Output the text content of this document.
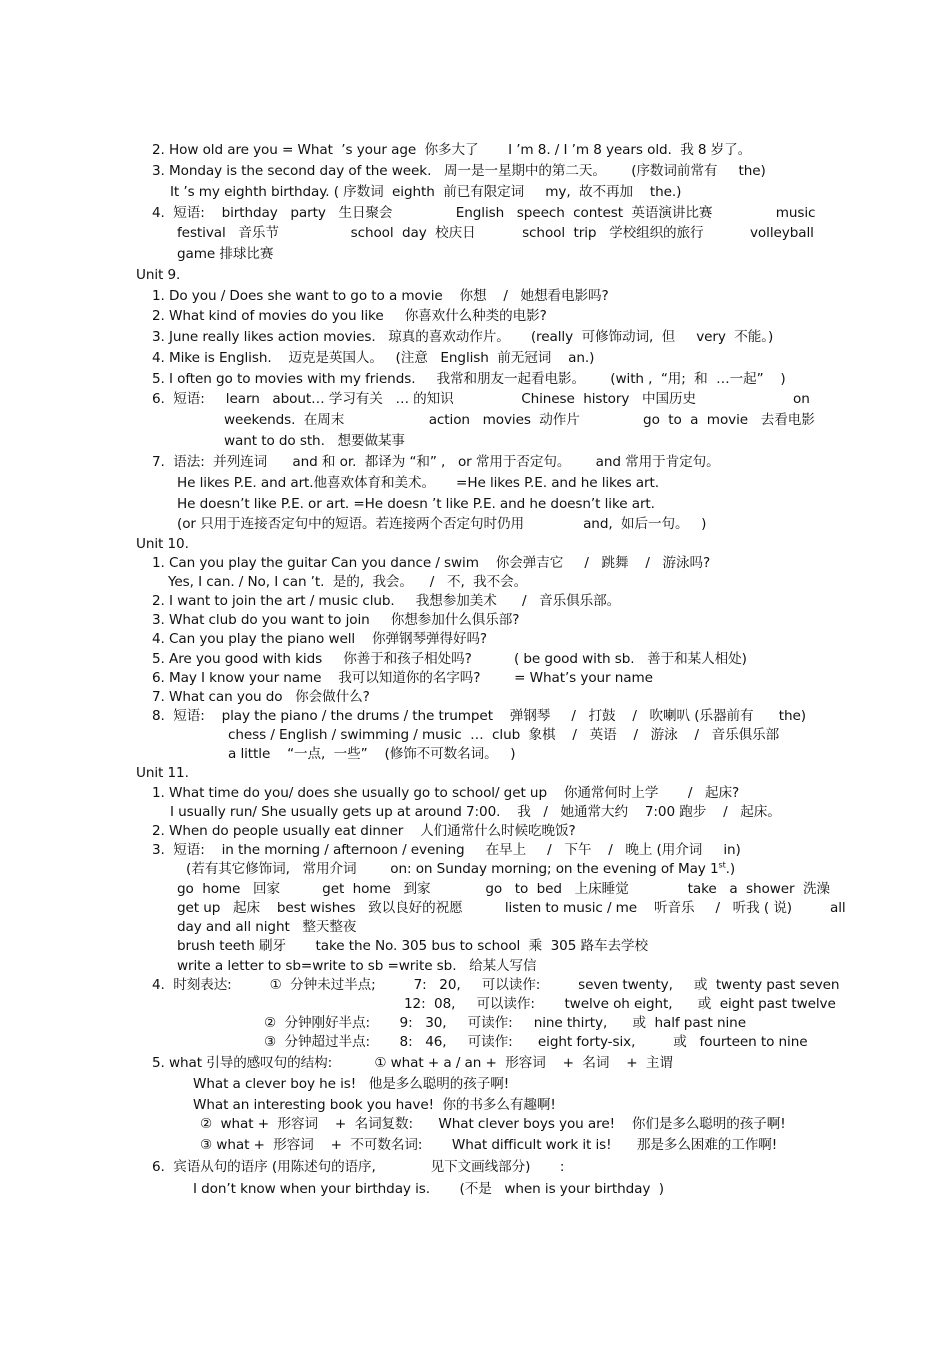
2. How old are you = What  ’s your age  你多大了       I ’m 8. / I ’m 8 years old.  我 8 岁了。
3. Monday is the second day of the week.   周一是一星期中的第二天。      (序数词前常有     the)
It ’s my eighth birthday. ( 序数词  eighth  前已有限定词     my,  故不再加    the.)
4.  短语:    birthday   party   生日聚会               English   speech  contest  英语演讲比赛               music
festival   音乐节                 school  day  校庆日           school  trip   学校组织的旅行           volleyball
game 排球比赛
Unit 9.
1. Do you / Does she want to go to a movie    你想    /   她想看电影吗?
2. What kind of movies do you like     你喜欢什么种类的电影?
3. June really likes action movies.   琼真的喜欢动作片。     (really  可修饰动词,  但     very  不能。)
4. Mike is English.    迈克是英国人。   (注意   English  前无冠词    an.)
5. I often go to movies with my friends.     我常和朋友一起看电影。      (with ,  “用;  和  …一起”    )
6.  短语:     learn   about… 学习有关   … 的知识                Chinese  history   中国历史                       on
weekends.  在周末                    action   movies  动作片               go  to  a  movie   去看电影
want to do sth.   想要做某事
7.  语法:  并列连词      and 和 or.  都译为 “和” ,   or 常用于否定句。      and 常用于肯定句。
He likes P.E. and art.他喜欢体育和美术。     =He likes P.E. and he likes art.
He doesn’t like P.E. or art. =He doesn ’t like P.E. and he doesn’t like art.
(or 只用于连接否定句中的短语。若连接两个否定句时仍用              and,  如后一句。   )
Unit 10.
1. Can you play the guitar Can you dance / swim    你会弹吉它     /   跳舞    /   游泳吗?
Yes, I can. / No, I can ’t.  是的,  我会。    /   不,  我不会。
2. I want to join the art / music club.     我想参加美术      /   音乐俱乐部。
3. What club do you want to join     你想参加什么俱乐部?
4. Can you play the piano well    你弹钢琴弹得好吗?
5. Are you good with kids     你善于和孩子相处吗?          ( be good with sb.   善于和某人相处)
6. May I know your name    我可以知道你的名字吗?        = What’s your name
7. What can you do   你会做什么?
8.  短语:    play the piano / the drums / the trumpet    弹钢琴     /   打鼓    /   吹喇叭 (乐器前有      the)
chess / English / swimming / music  …  club  象棋    /   英语    /   游泳    /   音乐俱乐部
a little    “一点,  一些”    (修饰不可数名词。   )
Unit 11.
1. What time do you/ does she usually go to school/ get up    你通常何时上学       /   起床?
I usually run/ She usually gets up at around 7:00.    我   /   她通常大约    7:00 跑步    /   起床。
2. When do people usually eat dinner    人们通常什么时候吃晚饭?
3.  短语:    in the morning / afternoon / evening     在早上     /   下午    /   晚上 (用介词     in)
(若有其它修饰词,   常用介词        on: on Sunday morning; on the evening of May 1st.)
go  home   回家          get  home   到家             go   to  bed   上床睡觉              take   a  shower  洗澡
get up   起床    best wishes   致以良好的祝愿          listen to music / me    听音乐     /   听我 ( 说)         all
day and all night   整天整夜
brush teeth 刷牙       take the No. 305 bus to school  乘  305 路车去学校
write a letter to sb=write to sb =write sb.   给某人写信
4.  时刻表达:         ①  分钟未过半点;         7:   20,     可以读作:         seven twenty,     或  twenty past seven
12:  08,     可以读作:       twelve oh eight,      或  eight past twelve
②  分钟刚好半点:       9:   30,     可读作:     nine thirty,      或  half past nine
③  分钟超过半点:       8:   46,     可读作:      eight forty-six,         或   fourteen to nine
5. what 引导的感叹句的结构:          ① what + a / an +  形容词    +  名词    +  主谓
What a clever boy he is!   他是多么聪明的孩子啊!
What an interesting book you have!  你的书多么有趣啊!
②  what +  形容词    +  名词复数:      What clever boys you are!    你们是多么聪明的孩子啊!
③ what +  形容词    +  不可数名词:       What difficult work it is!      那是多么困难的工作啊!
6.  宾语从句的语序 (用陈述句的语序,             见下文画线部分)       :
I don’t know when your birthday is.       (不是   when is your birthday  )
